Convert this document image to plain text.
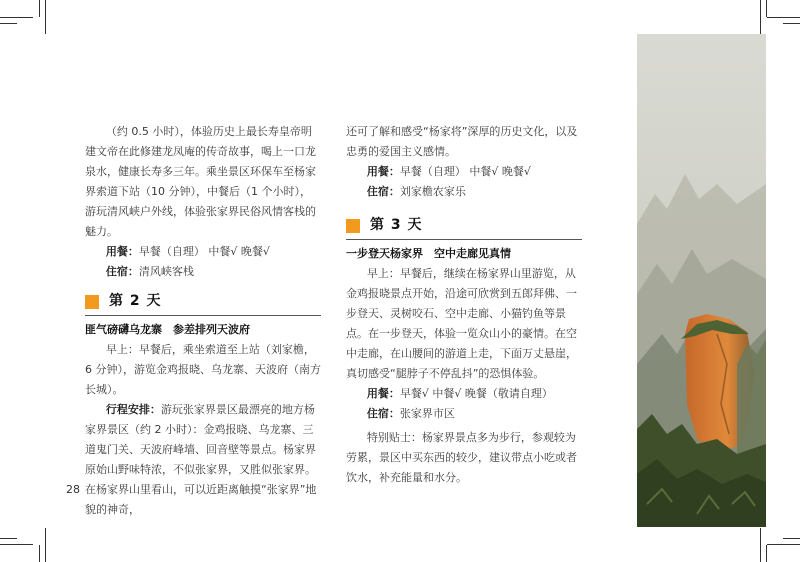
（约 0.5 小时），体验历史上最长寿皇帝明建文帝在此修建龙凤庵的传奇故事，喝上一口龙泉水，健康长寿多三年。乘坐景区环保车至杨家界索道下站（10 分钟），中餐后（1 个小时），游玩清风峡户外线，体验张家界民俗风情客栈的魅力。

用餐：早餐（自理） 中餐√ 晚餐√

住宿：清风峡客栈

第 2 天

匪气磅礴乌龙寨　参差排列天波府

早上：早餐后，乘坐索道至上站（刘家檐，6 分钟），游览金鸡报晓、乌龙寨、天波府（南方长城）。

行程安排：游玩张家界景区最漂亮的地方杨家界景区（约 2 小时）：金鸡报晓、乌龙寨、三道鬼门关、天波府峰墙、回音壁等景点。杨家界原始山野味特浓，不似张家界，又胜似张家界。在杨家界山里看山，可以近距离触摸“张家界”地貌的神奇，

还可了解和感受“杨家将”深厚的历史文化，以及忠勇的爱国主义感情。

用餐：早餐（自理） 中餐√ 晚餐√

住宿：刘家檐农家乐

第 3 天

一步登天杨家界　空中走廊见真情

早上：早餐后，继续在杨家界山里游览，从金鸡报晓景点开始，沿途可欣赏到五郎拜佛、一步登天、灵树咬石、空中走廊、小猫钓鱼等景点。在一步登天，体验一览众山小的豪情。在空中走廊，在山腰间的游道上走，下面万丈悬崖，真切感受“腿脖子不停乱抖”的恐惧体验。

用餐：早餐√ 中餐√ 晚餐（敬请自理）

住宿：张家界市区

特别贴士：杨家界景点多为步行，参观较为劳累，景区中买东西的较少，建议带点小吃或者饮水，补充能量和水分。

28
